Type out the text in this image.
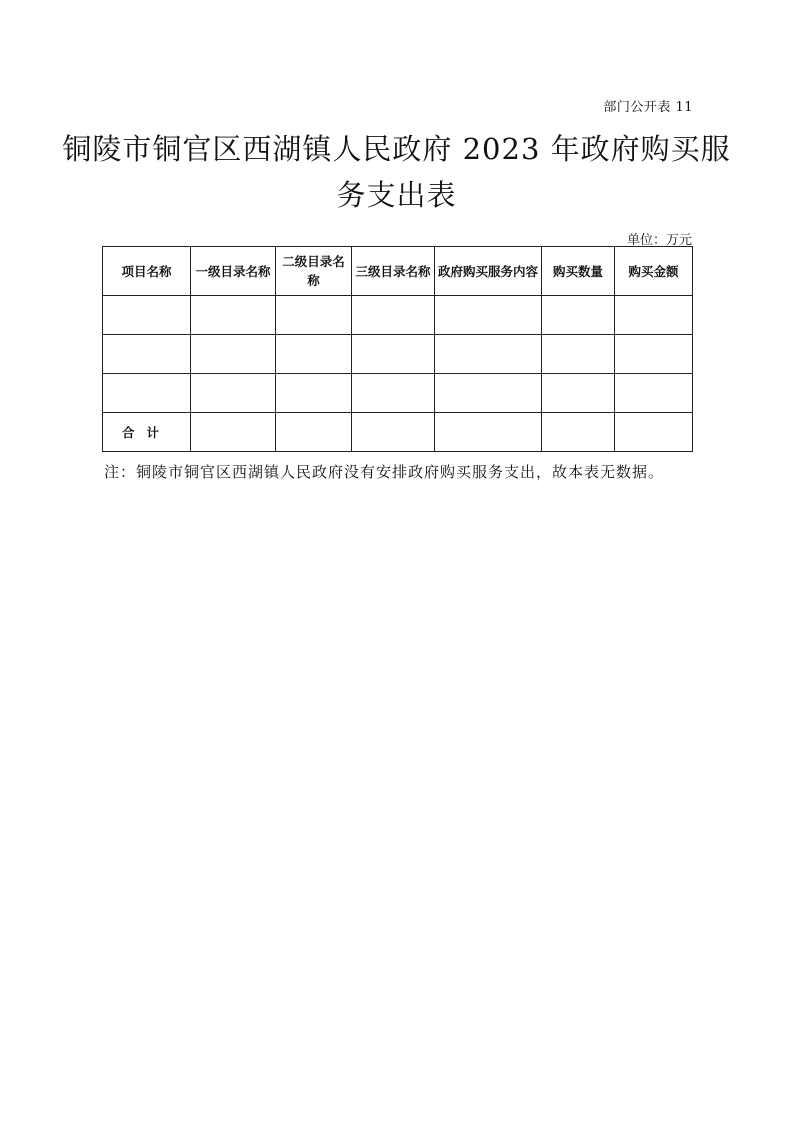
部门公开表 11
铜陵市铜官区西湖镇人民政府 2023 年政府购买服
务支出表
单位：万元
项目名称	一级目录名称	二级目录名称	三级目录名称	政府购买服务内容	购买数量	购买金额

合计						
注：铜陵市铜官区西湖镇人民政府没有安排政府购买服务支出，故本表无数据。
